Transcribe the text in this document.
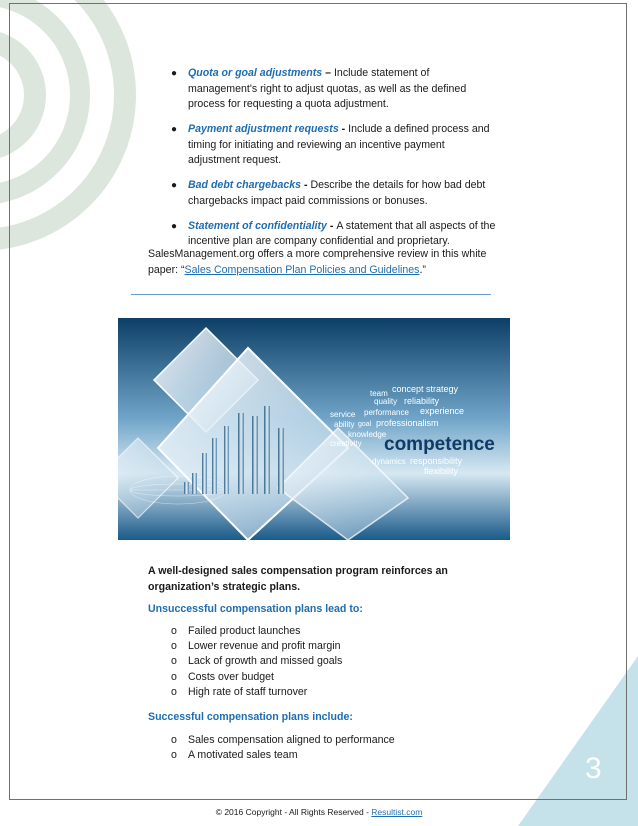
3
● Quota or goal adjustments – Include statement of management's right to adjust quotas, as well as the defined process for requesting a quota adjustment.
● Payment adjustment requests - Include a defined process and timing for initiating and reviewing an incentive payment adjustment request.
● Bad debt chargebacks - Describe the details for how bad debt chargebacks impact paid commissions or bonuses.
● Statement of confidentiality - A statement that all aspects of the incentive plan are company confidential and proprietary.
SalesManagement.org offers a more comprehensive review in this white paper: “Sales Compensation Plan Policies and Guidelines.”
team concept strategy
quality reliability
service performance experience
ability goal professionalism
knowledge
creativity competence
dynamics responsibility
flexibility
A well-designed sales compensation program reinforces an organization’s strategic plans.
Unsuccessful compensation plans lead to:
o Failed product launches
o Lower revenue and profit margin
o Lack of growth and missed goals
o Costs over budget
o High rate of staff turnover
Successful compensation plans include:
o Sales compensation aligned to performance
o A motivated sales team
© 2016 Copyright - All Rights Reserved - Resultist.com
